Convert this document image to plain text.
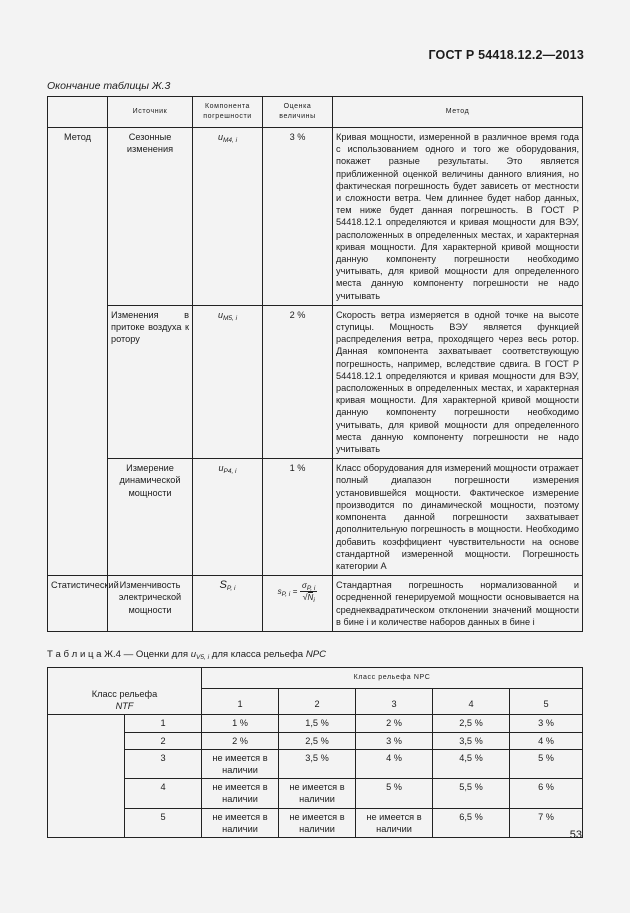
ГОСТ Р 54418.12.2—2013
Окончание таблицы Ж.3
	Источник	Компонента погрешности	Оценка величины	Метод
Метод	Сезонные изменения	$u_{M4, i}$	3 %	Кривая мощности, измеренной в различное время года с использованием одного и того же оборудования, покажет разные результаты. Это является приближенной оценкой величины данного влияния, но фактическая погрешность будет зависеть от местности и сложности ветра. Чем длиннее будет набор данных, тем ниже будет данная погрешность. В ГОСТ Р 54418.12.1 определяются и кривая мощности для ВЭУ, расположенных в определенных местах, и характерная кривая мощности. Для характерной кривой мощности данную компоненту погрешности необходимо учитывать, для кривой мощности для определенного места данную компоненту погрешности не надо учитывать
	Изменения в притоке воздуха к ротору	$u_{M5, i}$	2 %	Скорость ветра измеряется в одной точке на высоте ступицы. Мощность ВЭУ является функцией распределения ветра, проходящего через весь ротор. Данная компонента захватывает соответствующую погрешность, например, вследствие сдвига. В ГОСТ Р 54418.12.1 определяются и кривая мощности для ВЭУ, расположенных в определенных местах, и характерная кривая мощности. Для характерной кривой мощности данную компоненту погрешности необходимо учитывать, для кривой мощности для определенного места данную компоненту погрешности не надо учитывать
	Измерение динамической мощности	$u_{P4, i}$	1 %	Класс оборудования для измерений мощности отражает полный диапазон погрешности измерения установившейся мощности. Фактическое измерение производится по динамической мощности, поэтому компонента данной погрешности захватывает дополнительную погрешность в мощности. Необходимо добавить коэффициент чувствительности на основе стандартной измеренной мощности. Погрешность категории А
Статистический	Изменчивость электрической мощности	$S_{P, i}$	$s_{P, i} = \frac{\sigma_{P, i}}{√N_i}$	Стандартная погрешность нормализованной и осредненной генерируемой мощности основывается на среднеквадратическом отклонении значений мощности в бине i и количестве наборов данных в бине i
Т а б л и ц а Ж.4 — Оценки для $u_{V5, i}$ для класса рельефа NPC
Класс рельефа
NTF		Класс рельефа NPC				
		1	2	3	4	5
	1	1 %	1,5 %	2 %	2,5 %	3 %
	2	2 %	2,5 %	3 %	3,5 %	4 %
	3	не имеется в наличии	3,5 %	4 %	4,5 %	5 %
	4	не имеется в наличии	не имеется в наличии	5 %	5,5 %	6 %
	5	не имеется в наличии	не имеется в наличии	не имеется в наличии	6,5 %	7 %
53
